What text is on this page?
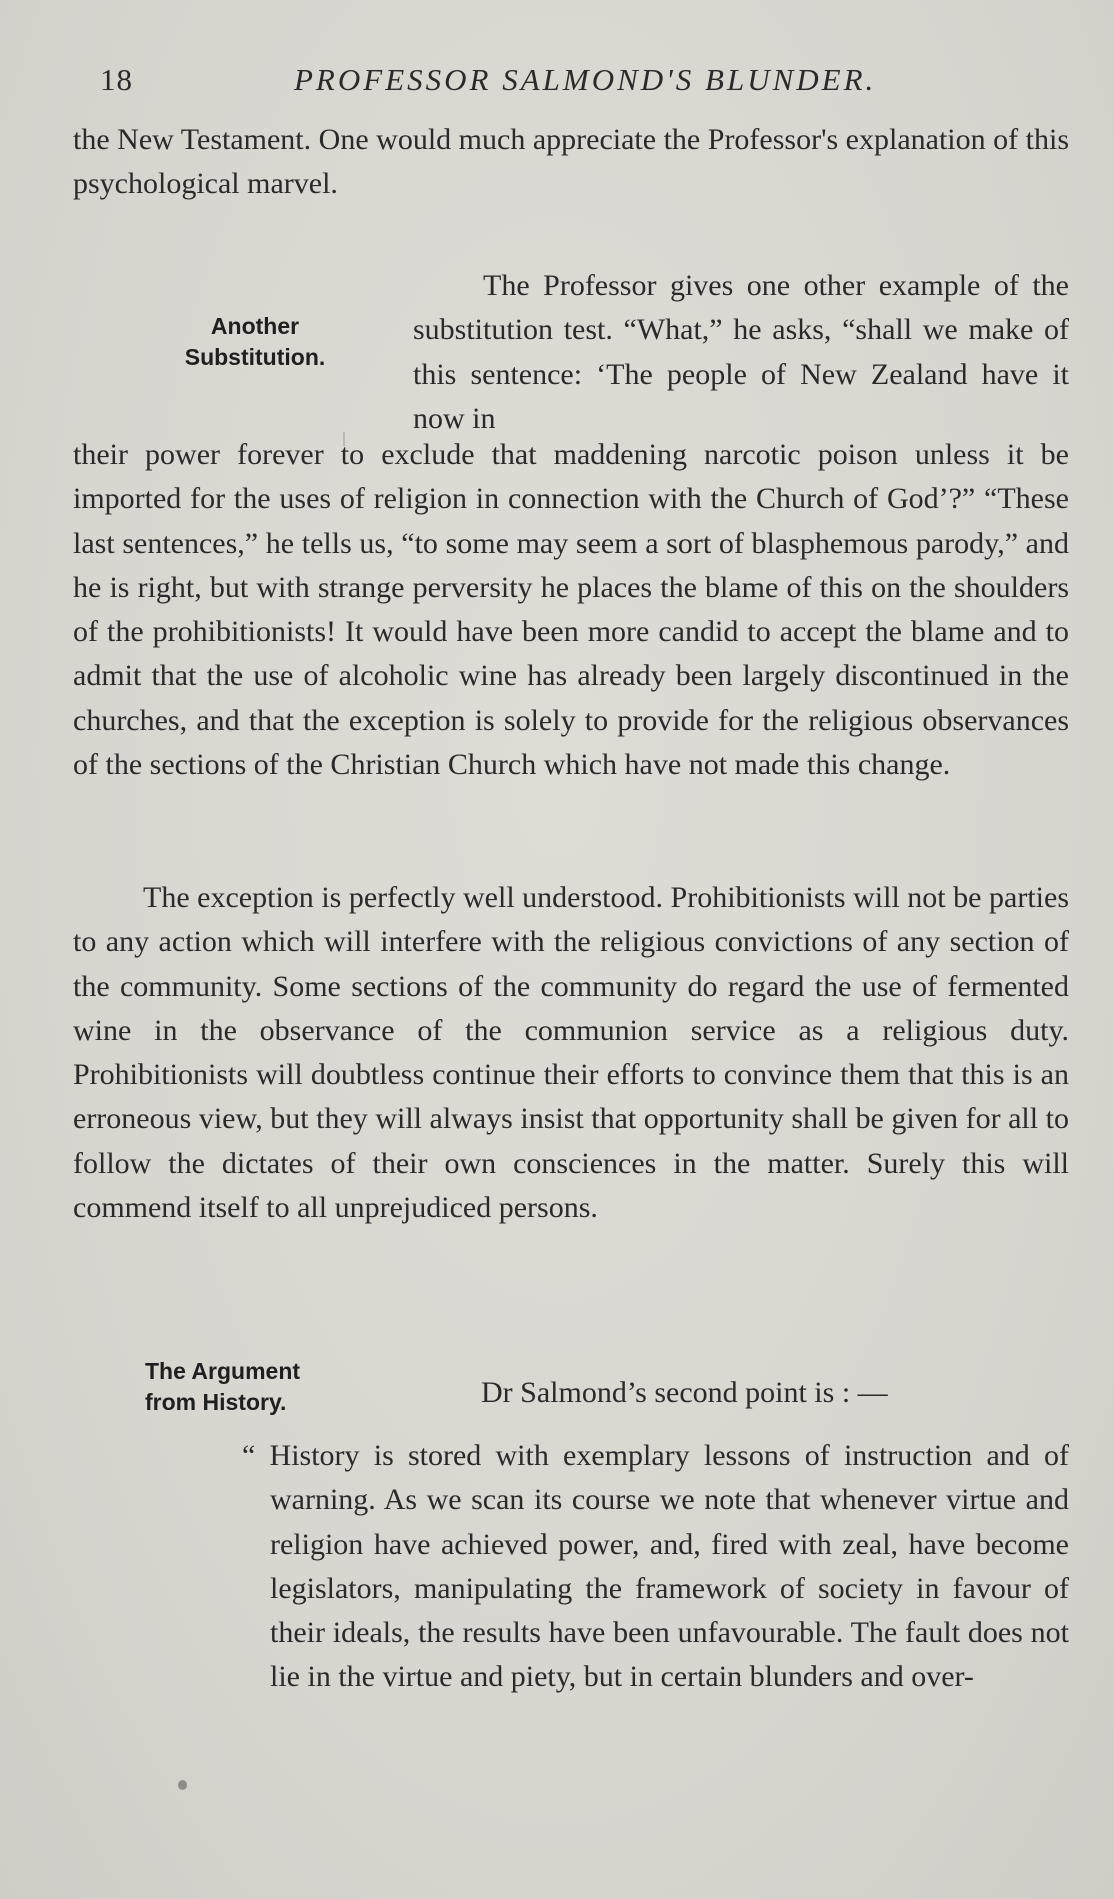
18	PROFESSOR SALMOND'S BLUNDER.

the New Testament. One would much appreciate the Professor's explanation of this psychological marvel.

Another
Substitution.

The Professor gives one other example of the substitution test. “What,” he asks, “shall we make of this sentence: ‘The people of New Zealand have it now in

their power forever to exclude that maddening narcotic poison unless it be imported for the uses of religion in connection with the Church of God’?” “These last sentences,” he tells us, “to some may seem a sort of blasphemous parody,” and he is right, but with strange perversity he places the blame of this on the shoulders of the prohibitionists! It would have been more candid to accept the blame and to admit that the use of alcoholic wine has already been largely discontinued in the churches, and that the exception is solely to provide for the religious observances of the sections of the Christian Church which have not made this change.

The exception is perfectly well understood. Prohibitionists will not be parties to any action which will interfere with the religious convictions of any section of the community. Some sections of the community do regard the use of fermented wine in the observance of the communion service as a religious duty. Prohibitionists will doubtless continue their efforts to convince them that this is an erroneous view, but they will always insist that opportunity shall be given for all to follow the dictates of their own consciences in the matter. Surely this will commend itself to all unprejudiced persons.

The Argument
from History.	Dr Salmond’s second point is : —

“ History is stored with exemplary lessons of instruction and of warning. As we scan its course we note that whenever virtue and religion have achieved power, and, fired with zeal, have become legislators, manipulating the framework of society in favour of their ideals, the results have been unfavourable. The fault does not lie in the virtue and piety, but in certain blunders and over-
